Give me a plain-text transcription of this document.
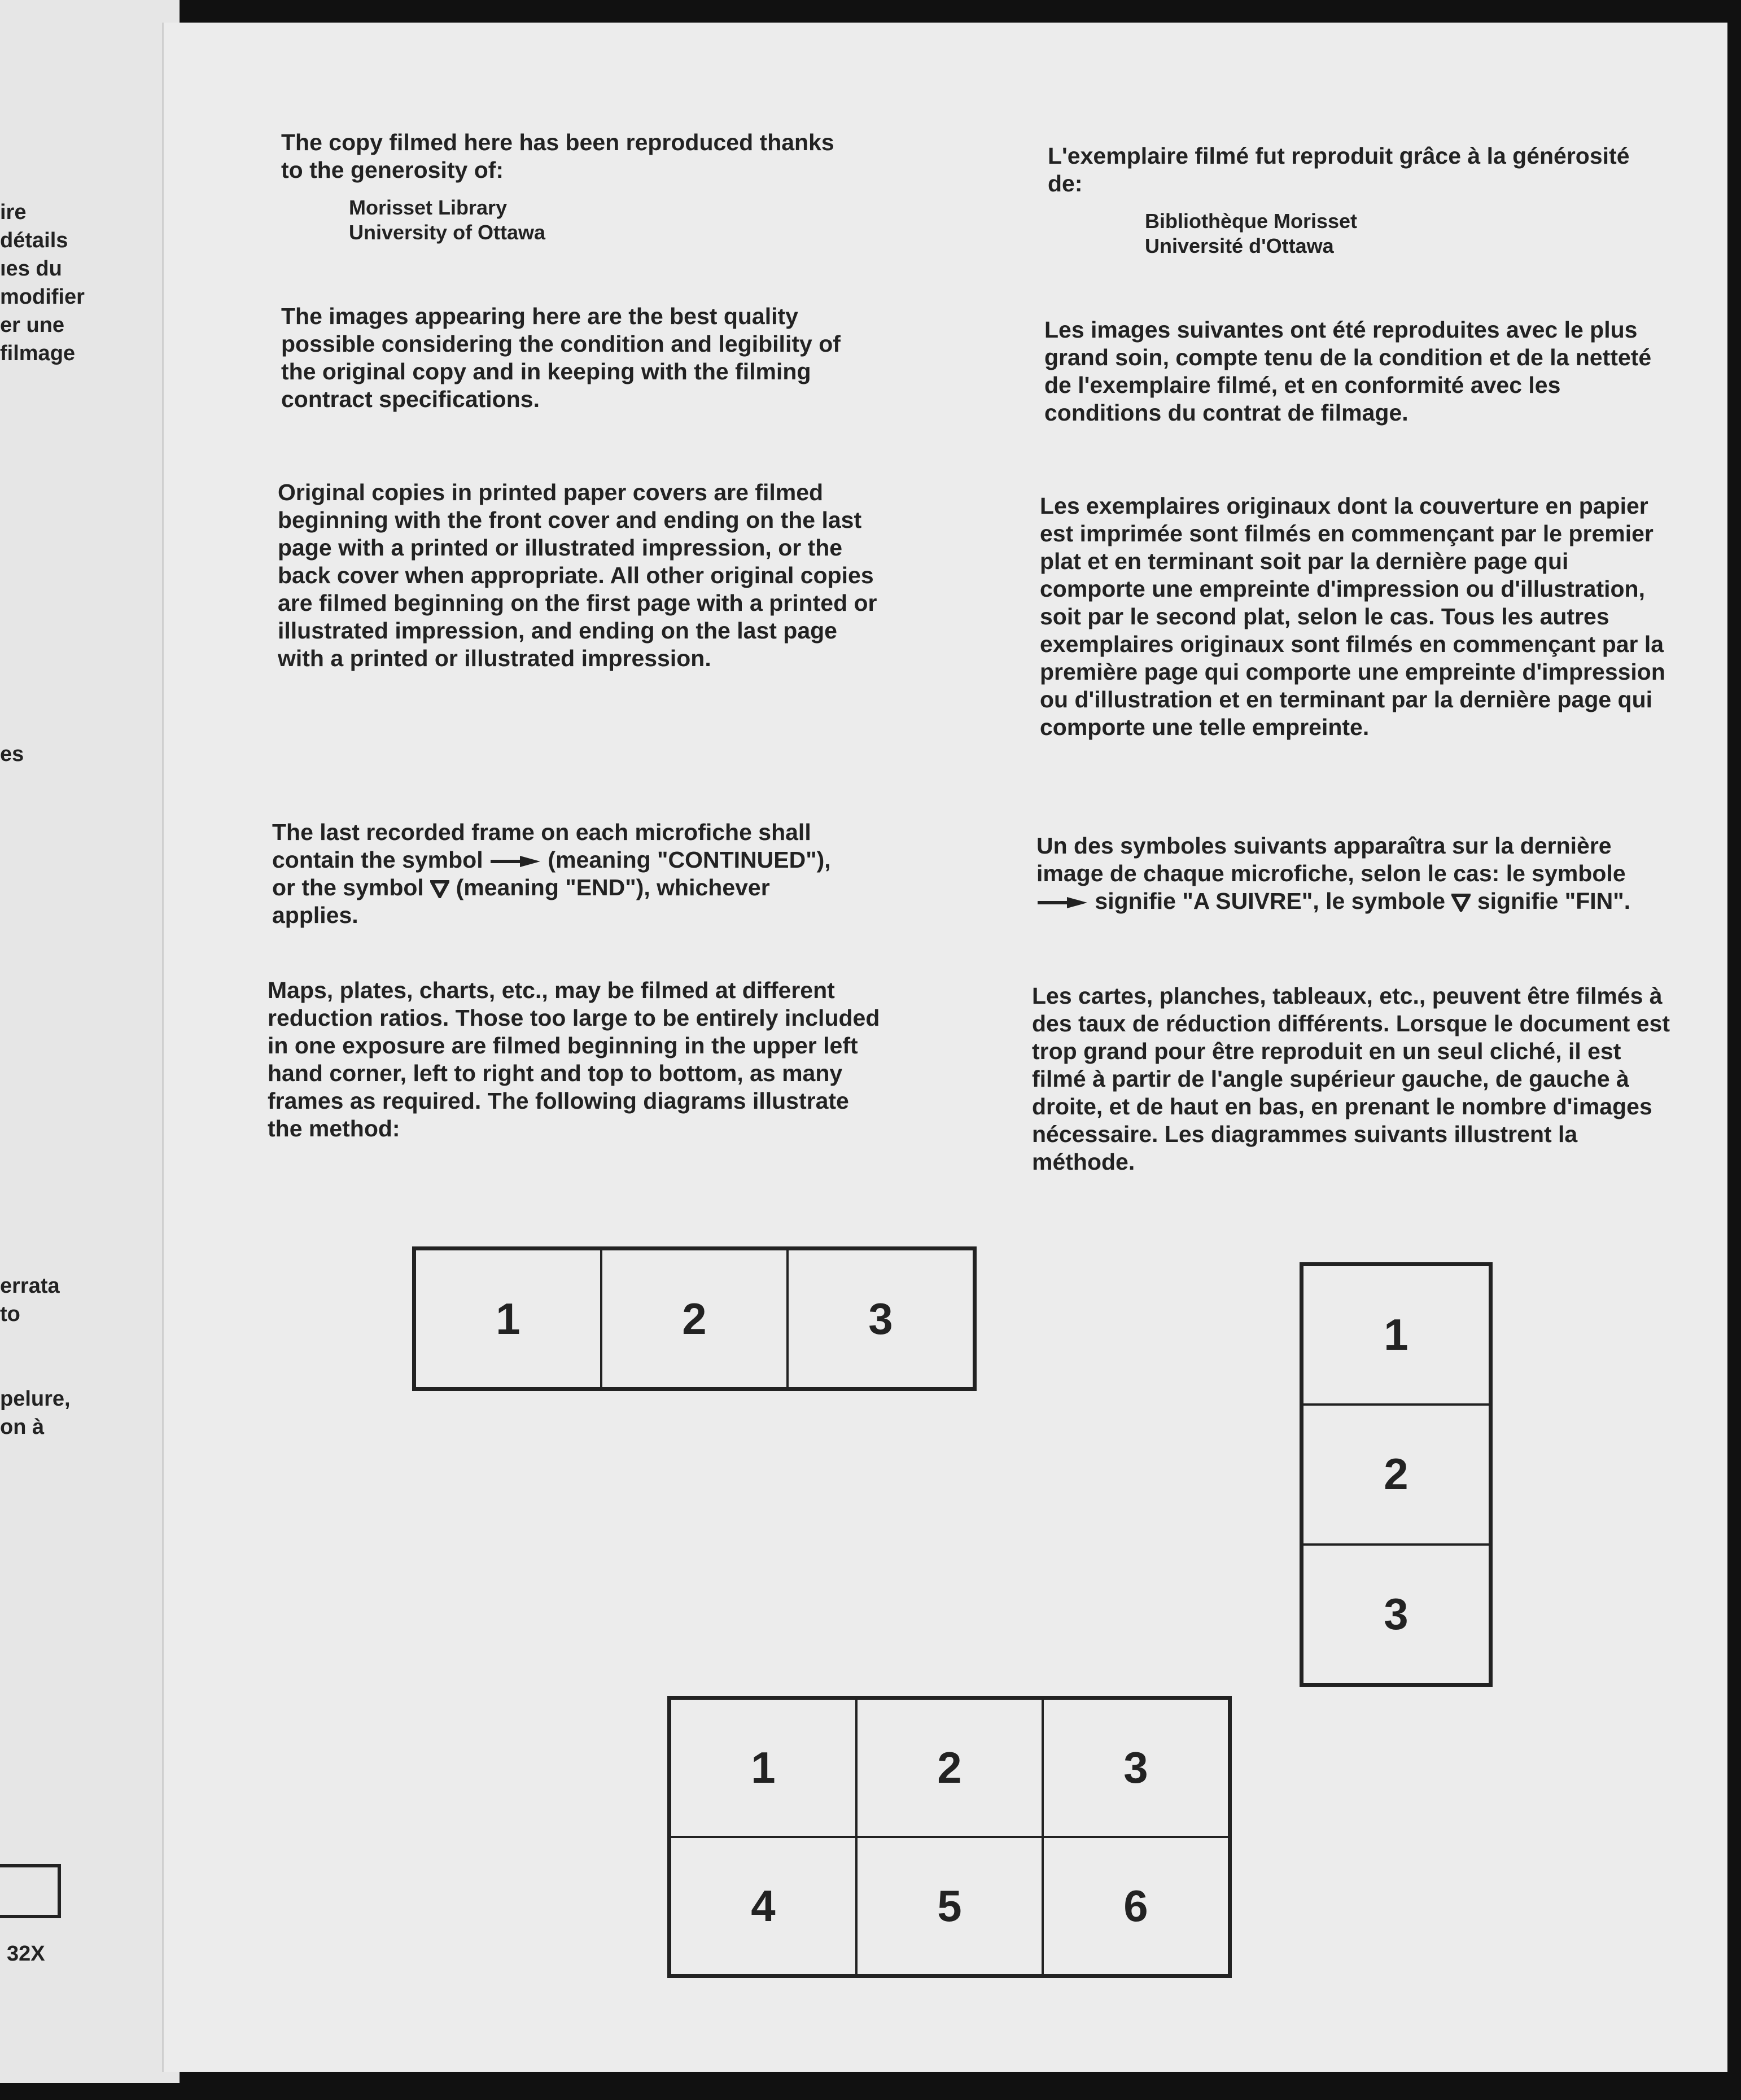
ire
détails
ıes du
modifier
er une
filmage
es
errata
to
pelure,
on à
32X

The copy filmed here has been reproduced thanks to the generosity of:

Morisset Library
University of Ottawa

The images appearing here are the best quality possible considering the condition and legibility of the original copy and in keeping with the filming contract specifications.

Original copies in printed paper covers are filmed beginning with the front cover and ending on the last page with a printed or illustrated impression, or the back cover when appropriate. All other original copies are filmed beginning on the first page with a printed or illustrated impression, and ending on the last page with a printed or illustrated impression.

The last recorded frame on each microfiche shall contain the symbol	(meaning "CONTINUED"), or the symbol (meaning "END"), whichever applies.

Maps, plates, charts, etc., may be filmed at different reduction ratios. Those too large to be entirely included in one exposure are filmed beginning in the upper left hand corner, left to right and top to bottom, as many frames as required. The following diagrams illustrate the method:

L'exemplaire filmé fut reproduit grâce à la générosité de:

Bibliothèque Morisset
Université d'Ottawa

Les images suivantes ont été reproduites avec le plus grand soin, compte tenu de la condition et de la netteté de l'exemplaire filmé, et en conformité avec les conditions du contrat de filmage.

Les exemplaires originaux dont la couverture en papier est imprimée sont filmés en commençant par le premier plat et en terminant soit par la dernière page qui comporte une empreinte d'impression ou d'illustration, soit par le second plat, selon le cas. Tous les autres exemplaires originaux sont filmés en commençant par la première page qui comporte une empreinte d'impression ou d'illustration et en terminant par la dernière page qui comporte une telle empreinte.

Un des symboles suivants apparaîtra sur la dernière image de chaque microfiche, selon le cas: le symbole  signifie "A SUIVRE", le symbole signifie "FIN".

Les cartes, planches, tableaux, etc., peuvent être filmés à des taux de réduction différents. Lorsque le document est trop grand pour être reproduit en un seul cliché, il est filmé à partir de l'angle supérieur gauche, de gauche à droite, et de haut en bas, en prenant le nombre d'images nécessaire. Les diagrammes suivants illustrent la méthode.

1	2	3	1
2
3
1	2	3
4	5	6
